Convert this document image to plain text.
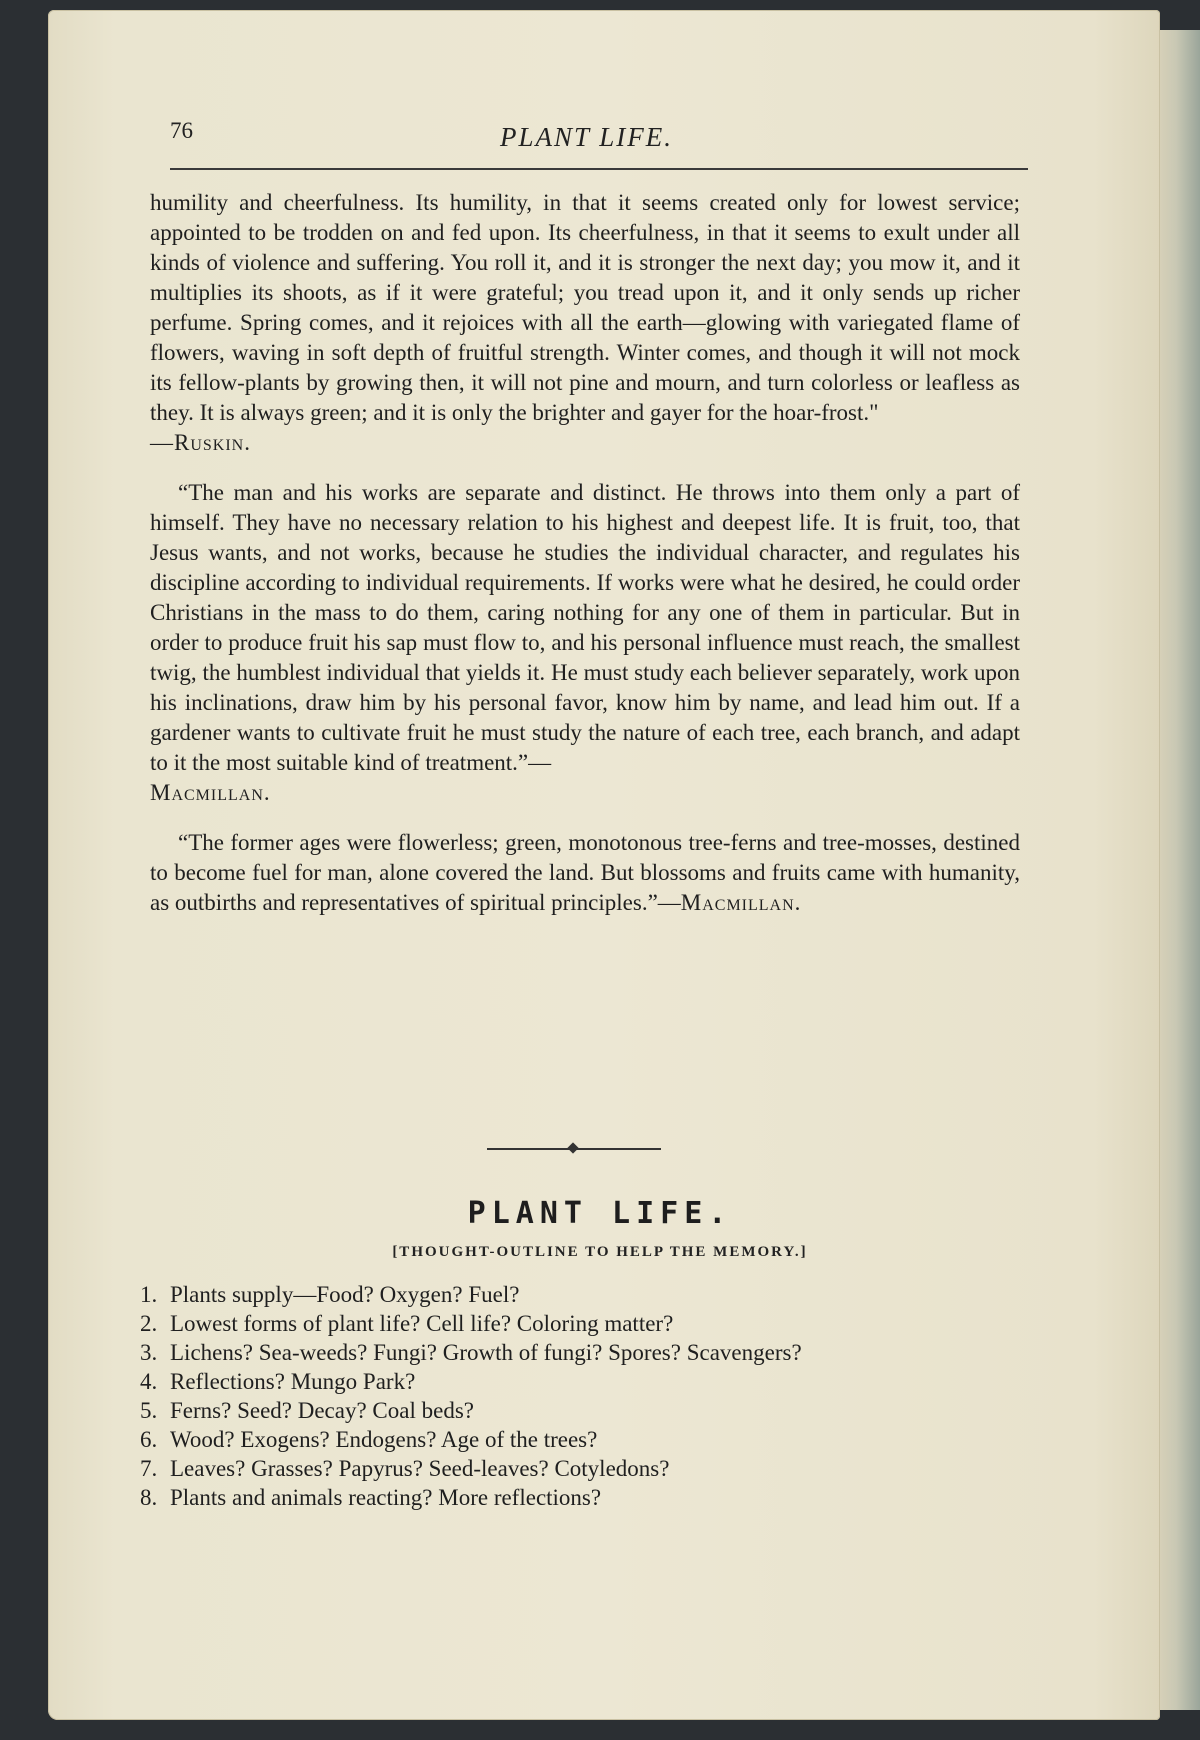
76	PLANT LIFE.

humility and cheerfulness. Its humility, in that it seems created only for lowest service; appointed to be trodden on and fed upon. Its cheerfulness, in that it seems to exult under all kinds of violence and suffering. You roll it, and it is stronger the next day; you mow it, and it multiplies its shoots, as if it were grateful; you tread upon it, and it only sends up richer perfume. Spring comes, and it rejoices with all the earth—glowing with variegated flame of flowers, waving in soft depth of fruitful strength. Winter comes, and though it will not mock its fellow-plants by growing then, it will not pine and mourn, and turn colorless or leafless as they. It is always green; and it is only the brighter and gayer for the hoar-frost."
—Ruskin.

“The man and his works are separate and distinct. He throws into them only a part of himself. They have no necessary relation to his highest and deepest life. It is fruit, too, that Jesus wants, and not works, because he studies the individual character, and regulates his discipline according to individual requirements. If works were what he desired, he could order Christians in the mass to do them, caring nothing for any one of them in particular. But in order to produce fruit his sap must flow to, and his personal influence must reach, the smallest twig, the humblest individual that yields it. He must study each believer separately, work upon his inclinations, draw him by his personal favor, know him by name, and lead him out. If a gardener wants to cultivate fruit he must study the nature of each tree, each branch, and adapt to it the most suitable kind of treatment.”—
Macmillan.

“The former ages were flowerless; green, monotonous tree-ferns and tree-mosses, destined to become fuel for man, alone covered the land. But blossoms and fruits came with humanity, as outbirths and representatives of spiritual principles.”—Macmillan.

PLANT LIFE.
[THOUGHT-OUTLINE TO HELP THE MEMORY.]
1. Plants supply—Food? Oxygen? Fuel?
2. Lowest forms of plant life? Cell life? Coloring matter?
3. Lichens? Sea-weeds? Fungi? Growth of fungi? Spores? Scavengers?
4. Reflections? Mungo Park?
5. Ferns? Seed? Decay? Coal beds?
6. Wood? Exogens? Endogens? Age of the trees?
7. Leaves? Grasses? Papyrus? Seed-leaves? Cotyledons?
8. Plants and animals reacting? More reflections?
